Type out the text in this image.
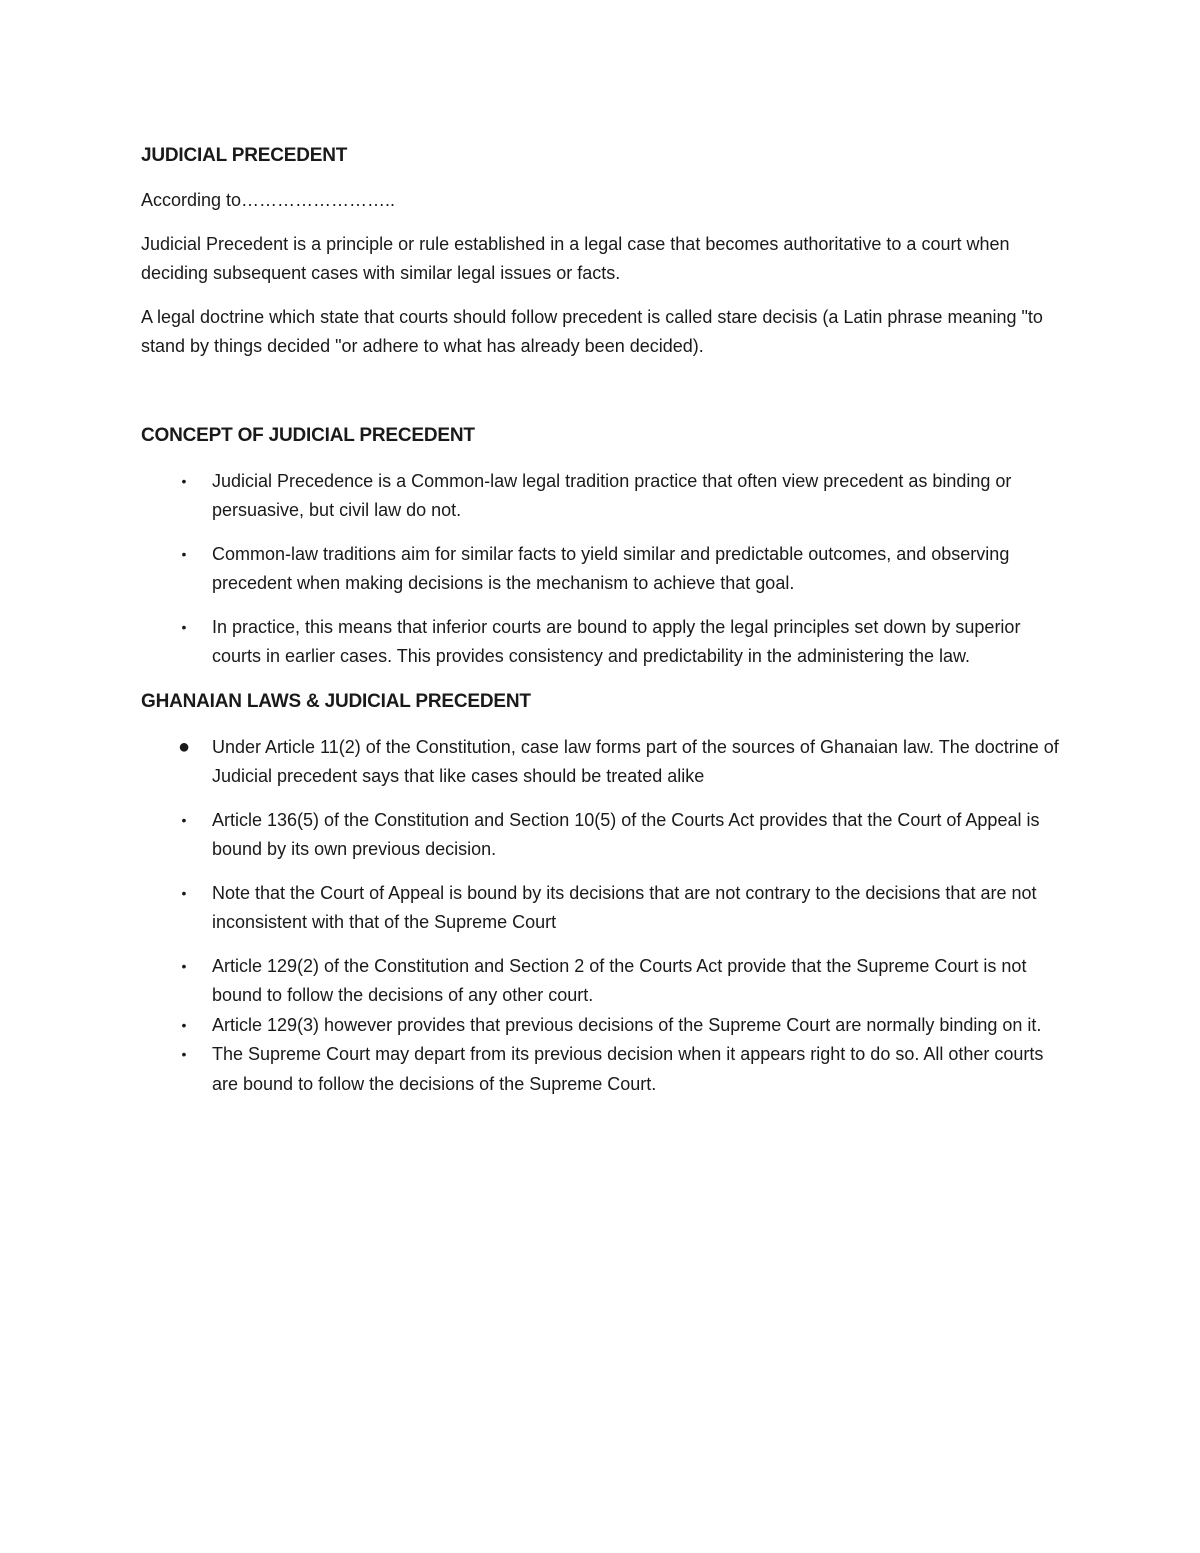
JUDICIAL PRECEDENT

According to……………………..

Judicial Precedent is a principle or rule established in a legal case that becomes authoritative to a court when deciding subsequent cases with similar legal issues or facts.

A legal doctrine which state that courts should follow precedent is called stare decisis (a Latin phrase meaning "to stand by things decided "or adhere to what has already been decided).

CONCEPT OF JUDICIAL PRECEDENT
•	Judicial Precedence is a Common-law legal tradition practice that often view precedent as binding or persuasive, but civil law do not.
•	Common-law traditions aim for similar facts to yield similar and predictable outcomes, and observing precedent when making decisions is the mechanism to achieve that goal.
•	In practice, this means that inferior courts are bound to apply the legal principles set down by superior courts in earlier cases. This provides consistency and predictability in the administering the law.
GHANAIAN LAWS & JUDICIAL PRECEDENT
● Under Article 11(2) of the Constitution, case law forms part of the sources of Ghanaian law. The doctrine of Judicial precedent says that like cases should be treated alike
•	Article 136(5) of the Constitution and Section 10(5) of the Courts Act provides that the Court of Appeal is bound by its own previous decision.
•	Note that the Court of Appeal is bound by its decisions that are not contrary to the decisions that are not inconsistent with that of the Supreme Court
•	Article 129(2) of the Constitution and Section 2 of the Courts Act provide that the Supreme Court is not bound to follow the decisions of any other court.
•	Article 129(3) however provides that previous decisions of the Supreme Court are normally binding on it.
•	The Supreme Court may depart from its previous decision when it appears right to do so. All other courts are bound to follow the decisions of the Supreme Court.
